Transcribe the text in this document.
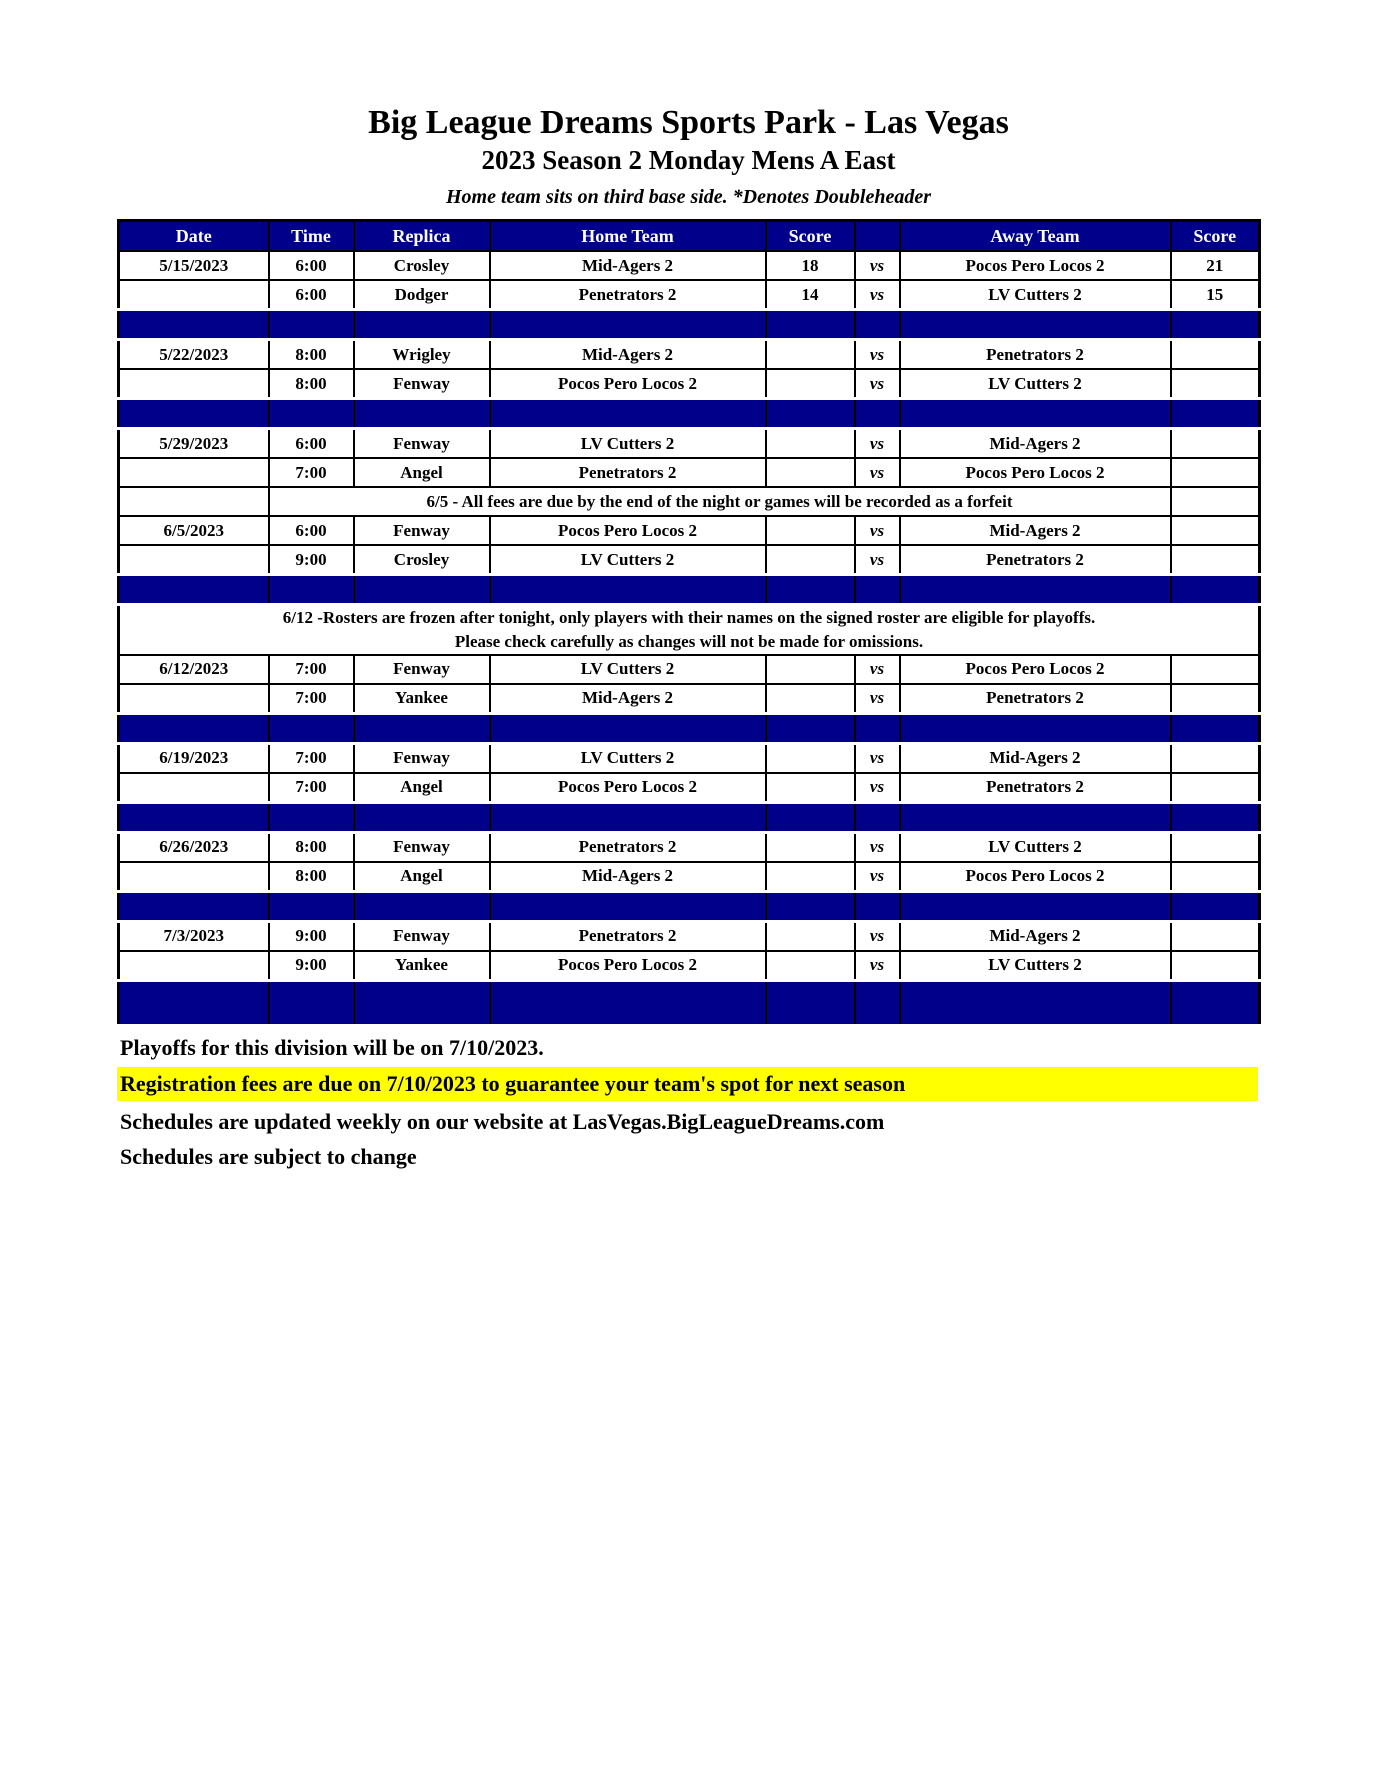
Big League Dreams Sports Park - Las Vegas
2023 Season 2 Monday Mens A East
Home team sits on third base side. *Denotes Doubleheader
Date	Time	Replica	Home Team	Score		Away Team	Score
5/15/2023	6:00	Crosley	Mid-Agers 2	18	vs	Pocos Pero Locos 2	21
	6:00	Dodger	Penetrators 2	14	vs	LV Cutters 2	15

5/22/2023	8:00	Wrigley	Mid-Agers 2		vs	Penetrators 2	
	8:00	Fenway	Pocos Pero Locos 2		vs	LV Cutters 2	

5/29/2023	6:00	Fenway	LV Cutters 2		vs	Mid-Agers 2	
	7:00	Angel	Penetrators 2		vs	Pocos Pero Locos 2	
	6/5 - All fees are due by the end of the night or games will be recorded as a forfeit						
6/5/2023	6:00	Fenway	Pocos Pero Locos 2		vs	Mid-Agers 2	
	9:00	Crosley	LV Cutters 2		vs	Penetrators 2	

6/12 -Rosters are frozen after tonight, only players with their names on the signed roster are eligible for playoffs.
Please check carefully as changes will not be made for omissions.							

6/12/2023	7:00	Fenway	LV Cutters 2		vs	Pocos Pero Locos 2	
	7:00	Yankee	Mid-Agers 2		vs	Penetrators 2	

6/19/2023	7:00	Fenway	LV Cutters 2		vs	Mid-Agers 2	
	7:00	Angel	Pocos Pero Locos 2		vs	Penetrators 2	

6/26/2023	8:00	Fenway	Penetrators 2		vs	LV Cutters 2	
	8:00	Angel	Mid-Agers 2		vs	Pocos Pero Locos 2	

7/3/2023	9:00	Fenway	Penetrators 2		vs	Mid-Agers 2	
	9:00	Yankee	Pocos Pero Locos 2		vs	LV Cutters 2	

Playoffs for this division will be on 7/10/2023.
Registration fees are due on 7/10/2023 to guarantee your team's spot for next season
Schedules are updated weekly on our website at LasVegas.BigLeagueDreams.com
Schedules are subject to change
